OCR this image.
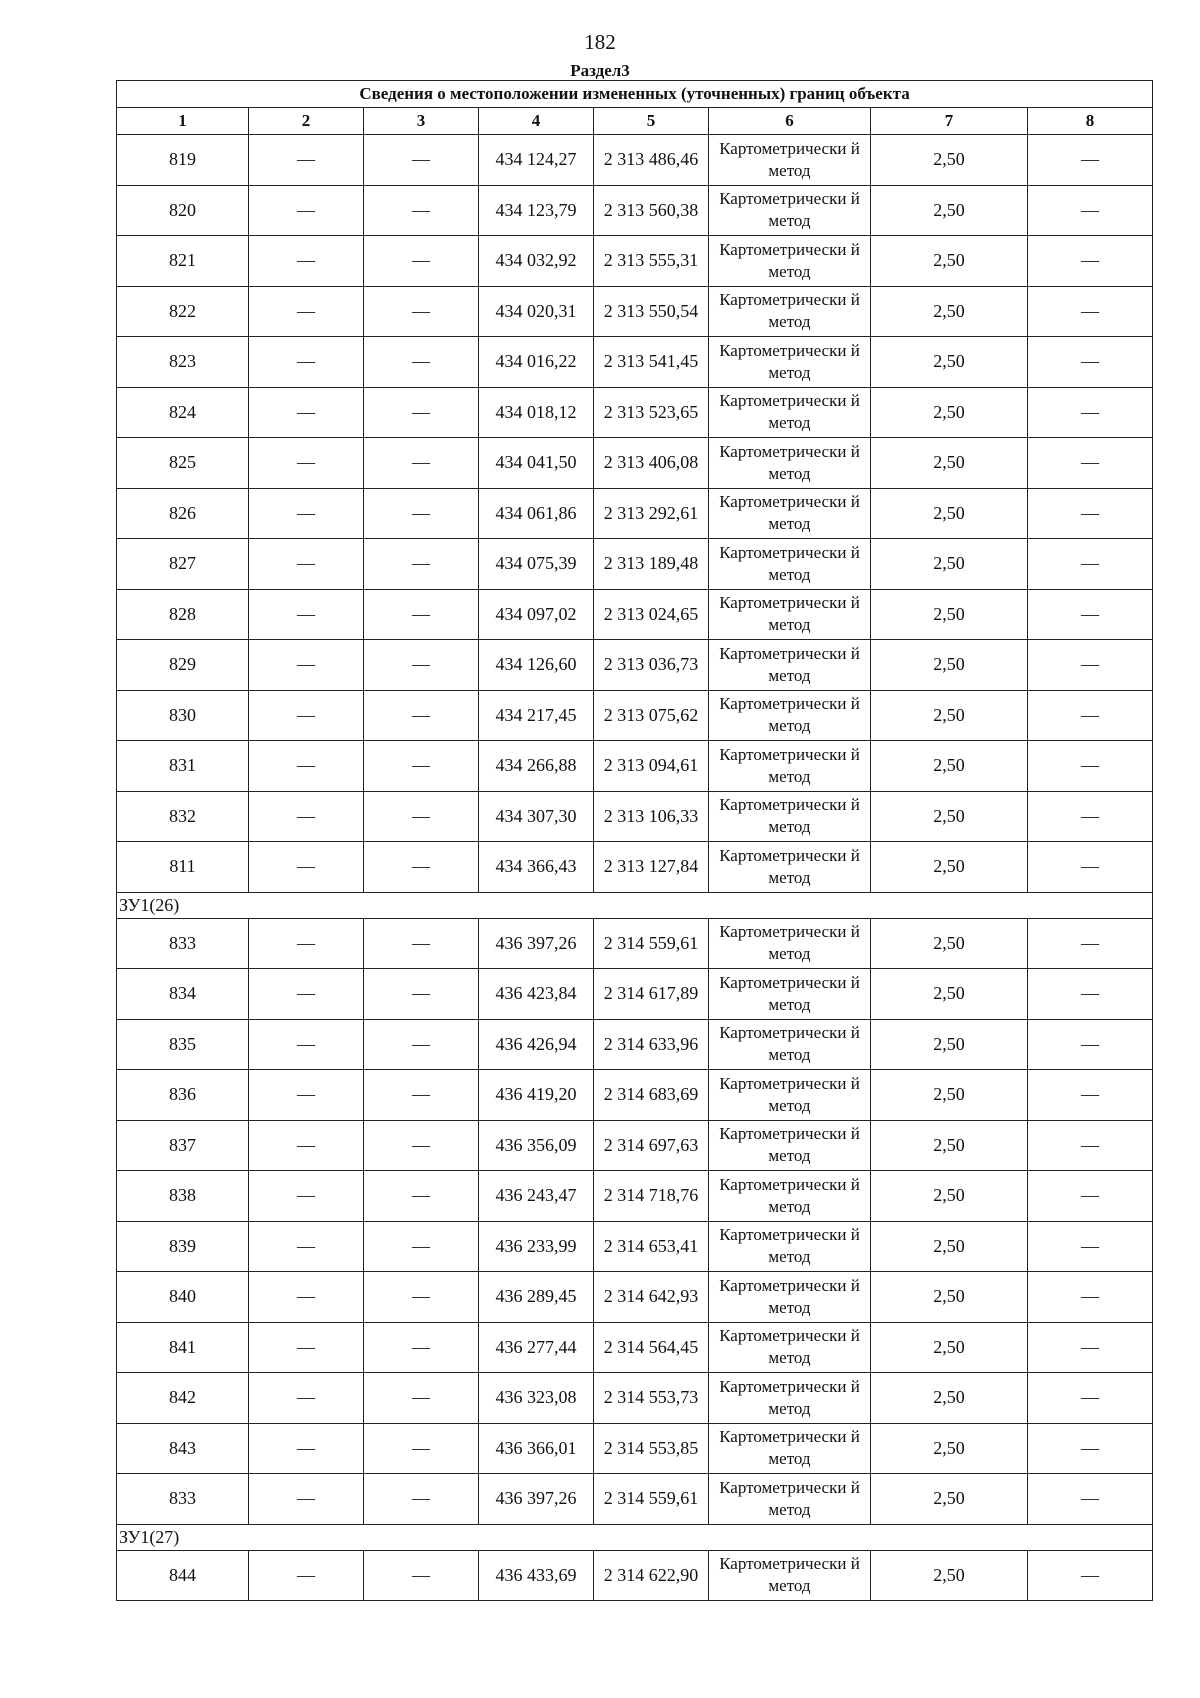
182
Раздел3
Сведения о местоположении измененных (уточненных) границ объекта							
1	2	3	4	5	6	7	8
819	—	—	434 124,27	2 313 486,46	Картометрически й метод	2,50	—
820	—	—	434 123,79	2 313 560,38	Картометрически й метод	2,50	—
821	—	—	434 032,92	2 313 555,31	Картометрически й метод	2,50	—
822	—	—	434 020,31	2 313 550,54	Картометрически й метод	2,50	—
823	—	—	434 016,22	2 313 541,45	Картометрически й метод	2,50	—
824	—	—	434 018,12	2 313 523,65	Картометрически й метод	2,50	—
825	—	—	434 041,50	2 313 406,08	Картометрически й метод	2,50	—
826	—	—	434 061,86	2 313 292,61	Картометрически й метод	2,50	—
827	—	—	434 075,39	2 313 189,48	Картометрически й метод	2,50	—
828	—	—	434 097,02	2 313 024,65	Картометрически й метод	2,50	—
829	—	—	434 126,60	2 313 036,73	Картометрически й метод	2,50	—
830	—	—	434 217,45	2 313 075,62	Картометрически й метод	2,50	—
831	—	—	434 266,88	2 313 094,61	Картометрически й метод	2,50	—
832	—	—	434 307,30	2 313 106,33	Картометрически й метод	2,50	—
811	—	—	434 366,43	2 313 127,84	Картометрически й метод	2,50	—
ЗУ1(26)							
833	—	—	436 397,26	2 314 559,61	Картометрически й метод	2,50	—
834	—	—	436 423,84	2 314 617,89	Картометрически й метод	2,50	—
835	—	—	436 426,94	2 314 633,96	Картометрически й метод	2,50	—
836	—	—	436 419,20	2 314 683,69	Картометрически й метод	2,50	—
837	—	—	436 356,09	2 314 697,63	Картометрически й метод	2,50	—
838	—	—	436 243,47	2 314 718,76	Картометрически й метод	2,50	—
839	—	—	436 233,99	2 314 653,41	Картометрически й метод	2,50	—
840	—	—	436 289,45	2 314 642,93	Картометрически й метод	2,50	—
841	—	—	436 277,44	2 314 564,45	Картометрически й метод	2,50	—
842	—	—	436 323,08	2 314 553,73	Картометрически й метод	2,50	—
843	—	—	436 366,01	2 314 553,85	Картометрически й метод	2,50	—
833	—	—	436 397,26	2 314 559,61	Картометрически й метод	2,50	—
ЗУ1(27)							
844	—	—	436 433,69	2 314 622,90	Картометрически й метод	2,50	—
